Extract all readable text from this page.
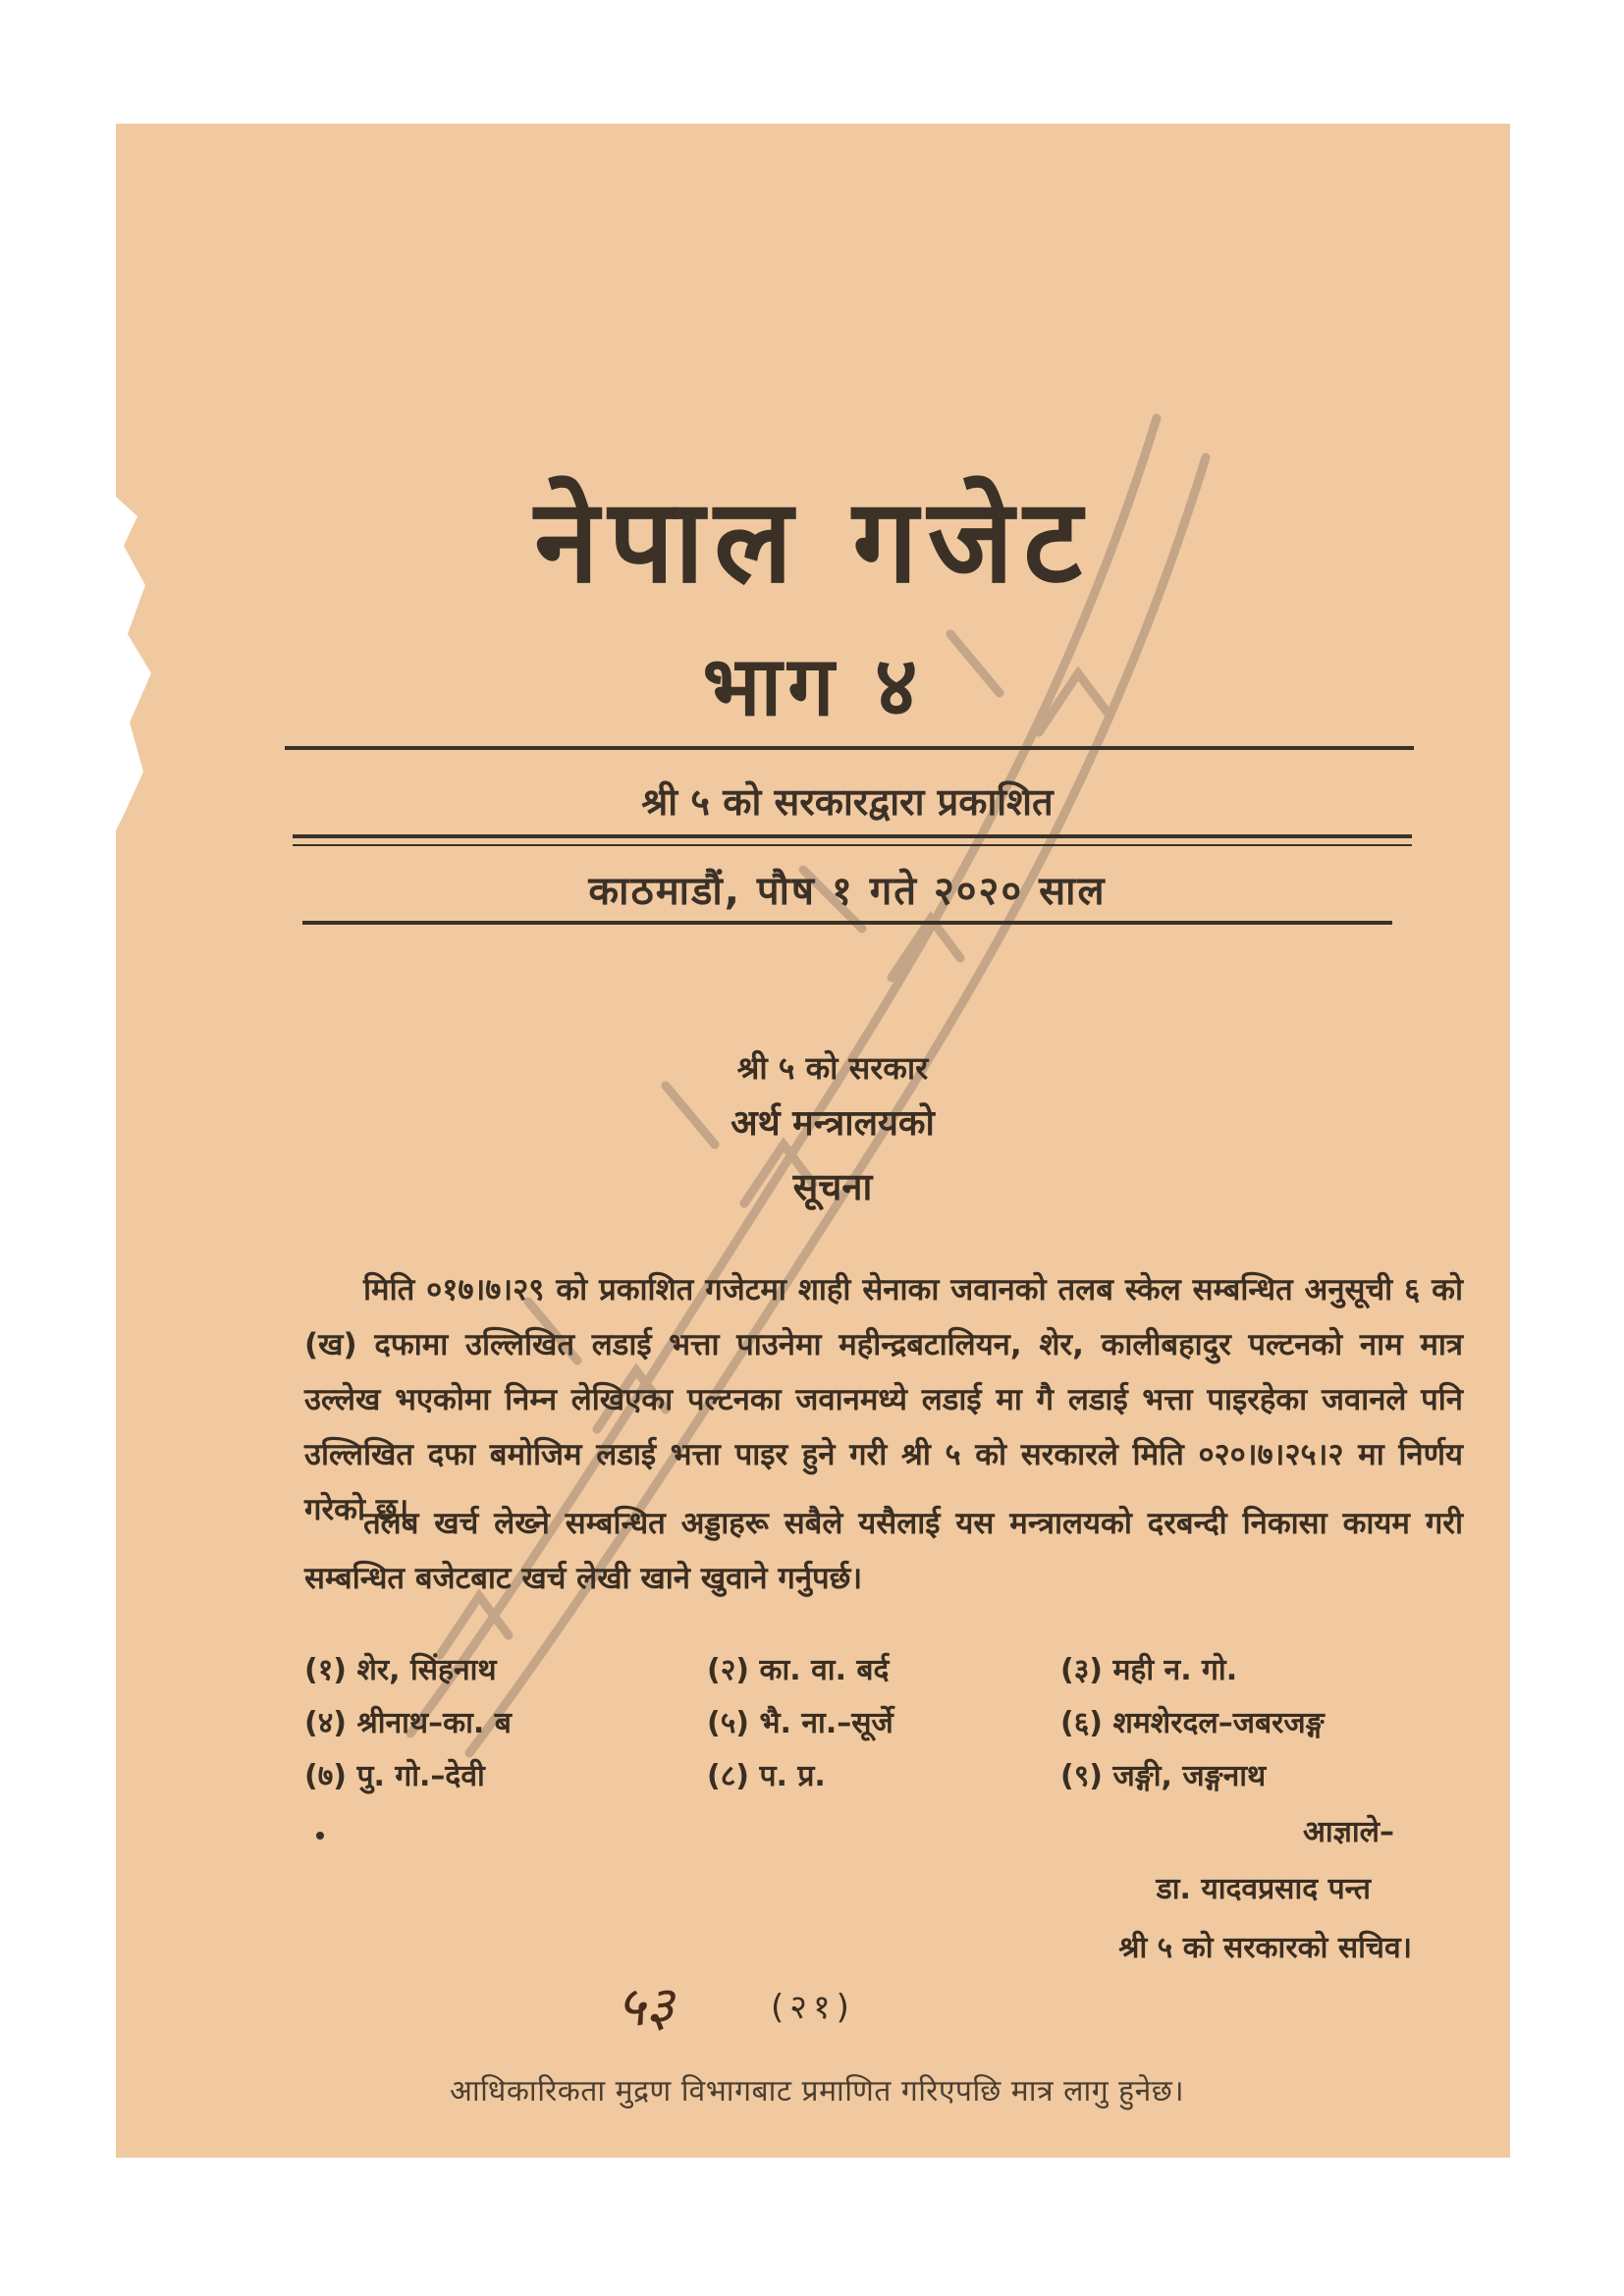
नेपाल गजेट
भाग ४
श्री ५ को सरकारद्वारा प्रकाशित
काठमाडौं, पौष १ गते २०२० साल
श्री ५ को सरकार
अर्थ मन्त्रालयको
सूचना
मिति ०१७।७।२९ को प्रकाशित गजेटमा शाही सेनाका जवानको तलब स्केल सम्बन्धित अनुसूची ६ को (ख) दफामा उल्लिखित लडाई भत्ता पाउनेमा महीन्द्रबटालियन, शेर, कालीबहादुर पल्टनको नाम मात्र उल्लेख भएकोमा निम्न लेखिएका पल्टनका जवानमध्ये लडाई मा गै लडाई भत्ता पाइरहेका जवानले पनि उल्लिखित दफा बमोजिम लडाई भत्ता पाइर हुने गरी श्री ५ को सरकारले मिति ०२०।७।२५।२ मा निर्णय गरेको छ।
तलब खर्च लेख्ने सम्बन्धित अड्डाहरू सबैले यसैलाई यस मन्त्रालयको दरबन्दी निकासा कायम गरी सम्बन्धित बजेटबाट खर्च लेखी खाने खुवाने गर्नुपर्छ।
(१) शेर, सिंहनाथ	(२) का. वा. बर्द	(३) मही न. गो.
(४) श्रीनाथ–का. ब	(५) भै. ना.–सूर्जे	(६) शमशेरदल–जबरजङ्ग
(७) पु. गो.–देवी	(८) प. प्र.	(९) जङ्गी, जङ्गनाथ
आज्ञाले–
डा. यादवप्रसाद पन्त
श्री ५ को सरकारको सचिव।
५३	(२१)
आधिकारिकता मुद्रण विभागबाट प्रमाणित गरिएपछि मात्र लागु हुनेछ।
